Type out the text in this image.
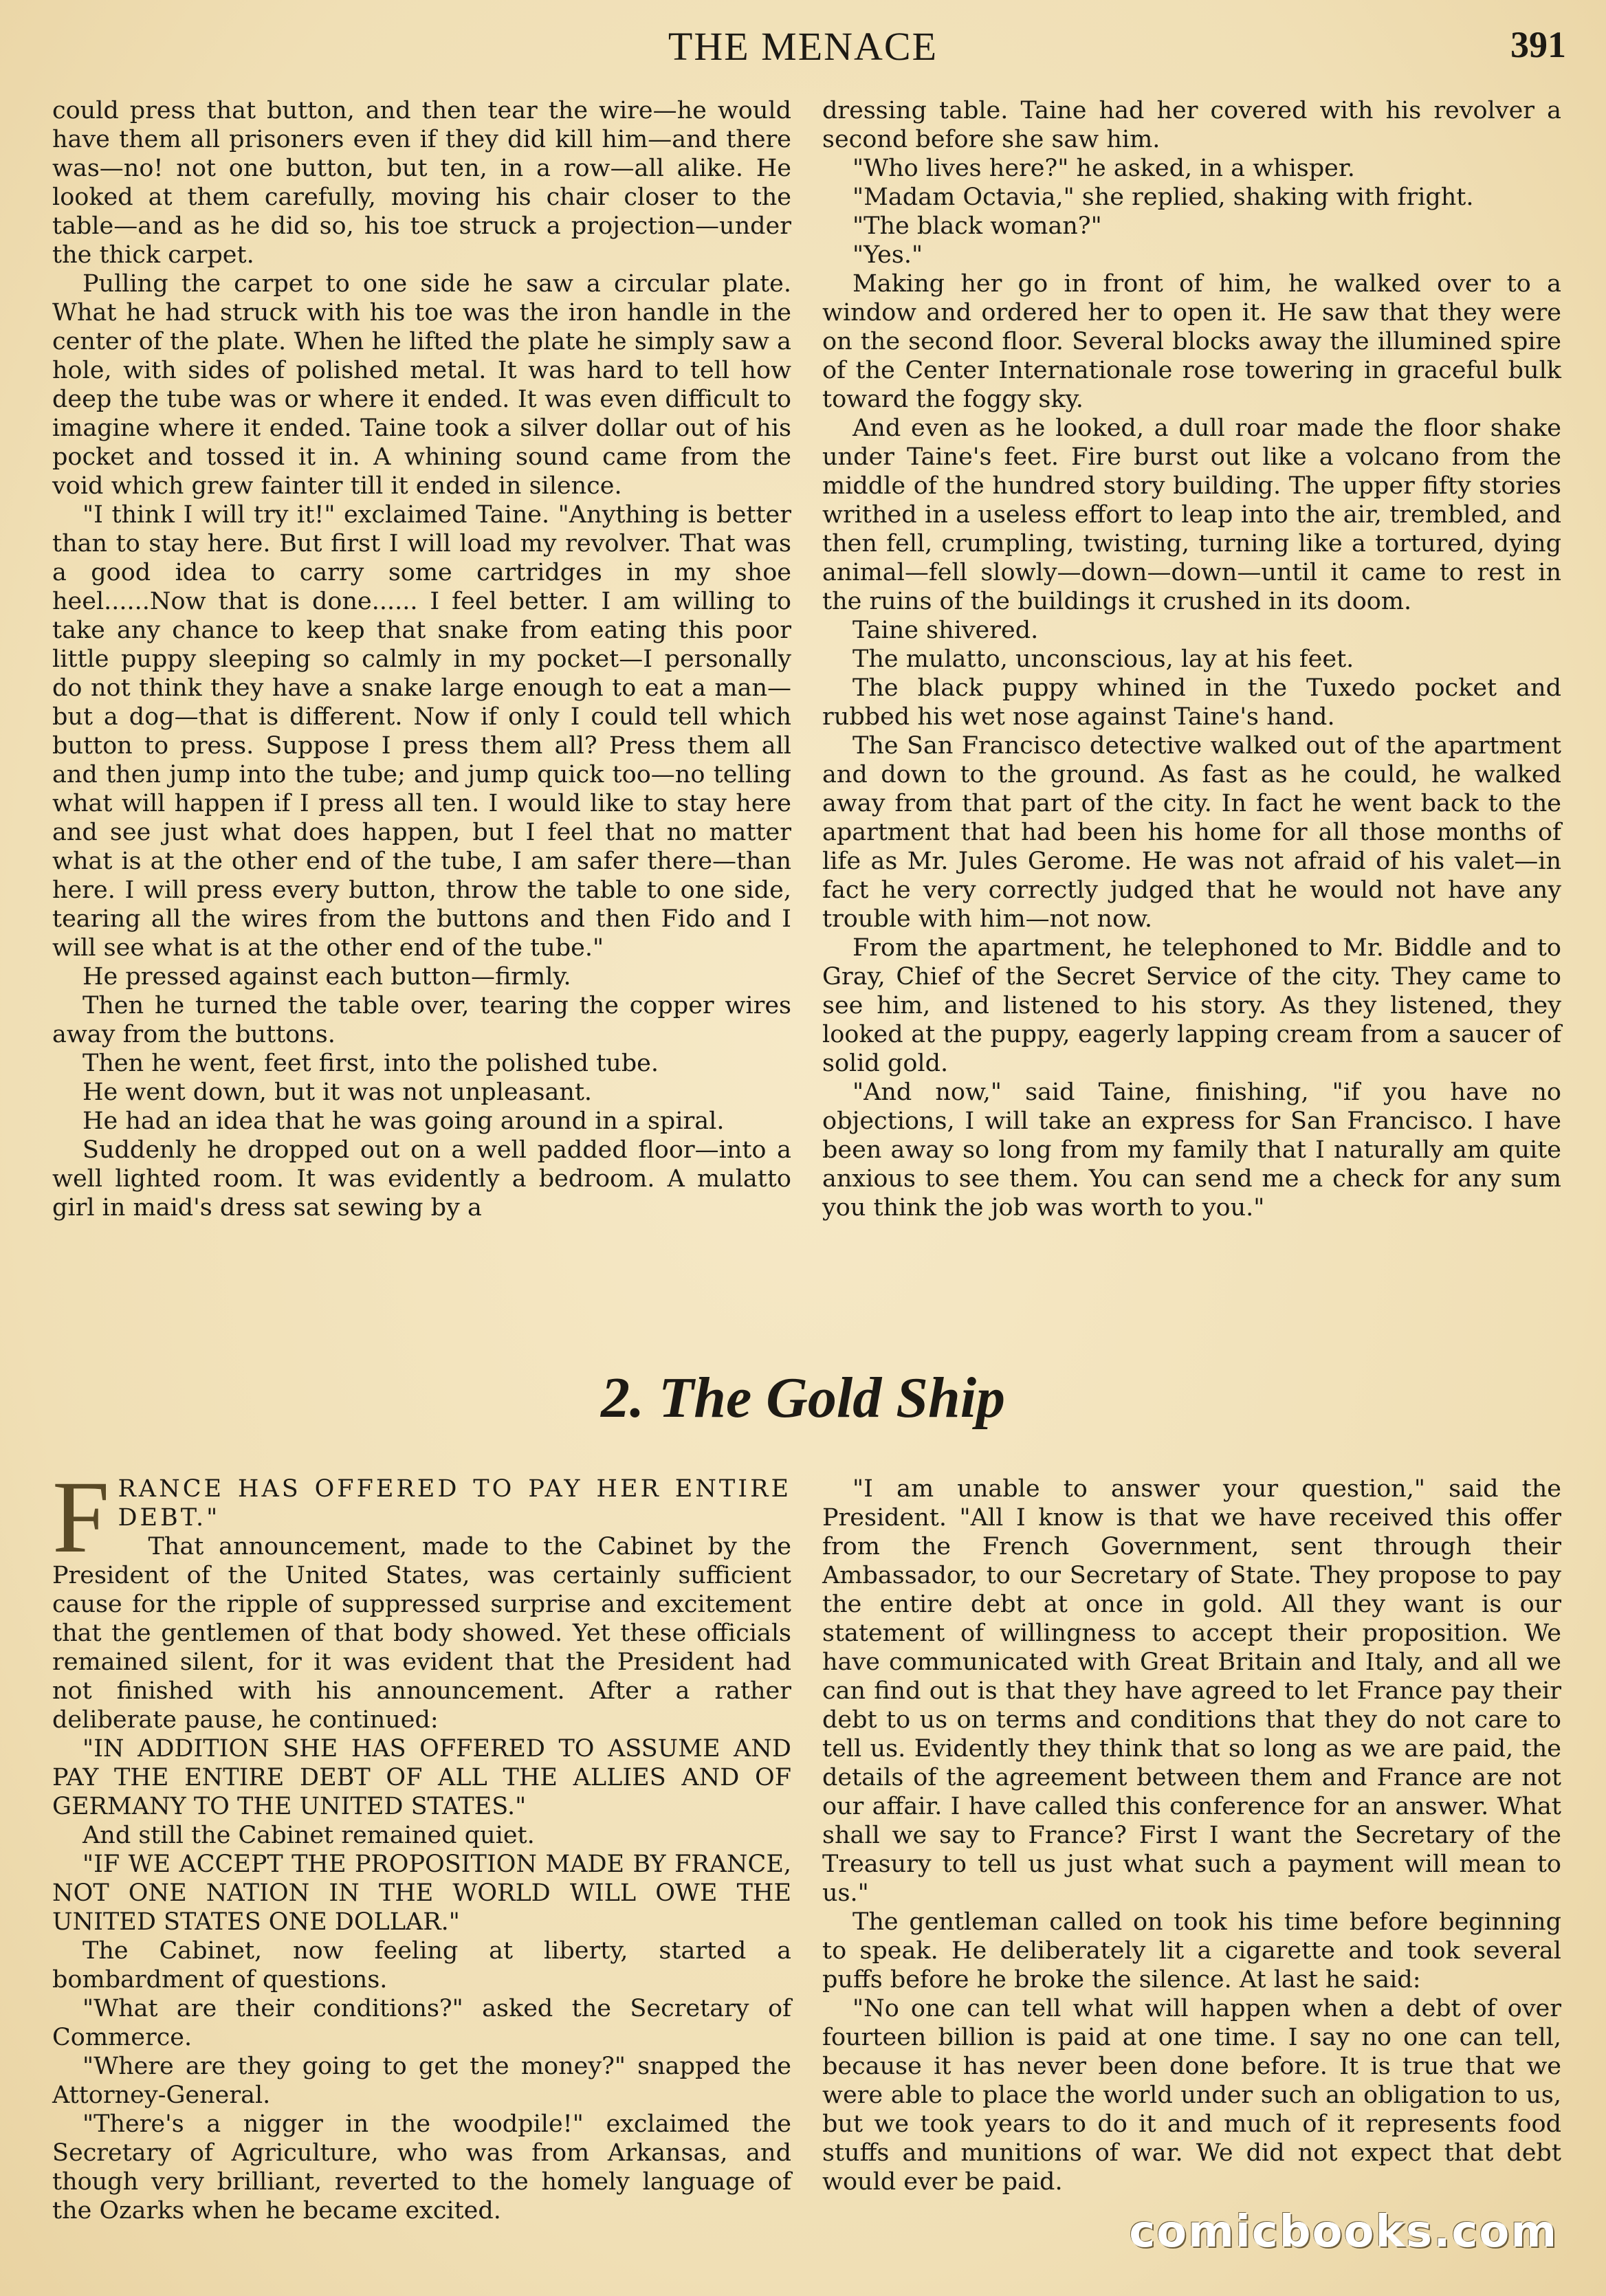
THE MENACE	391

could press that button, and then tear the wire—he would have them all prisoners even if they did kill him—and there was—no! not one button, but ten, in a row—all alike. He looked at them carefully, moving his chair closer to the table—and as he did so, his toe struck a projection—under the thick carpet.

Pulling the carpet to one side he saw a circular plate. What he had struck with his toe was the iron handle in the center of the plate. When he lifted the plate he simply saw a hole, with sides of polished metal. It was hard to tell how deep the tube was or where it ended. It was even difficult to imagine where it ended. Taine took a silver dollar out of his pocket and tossed it in. A whining sound came from the void which grew fainter till it ended in silence.

"I think I will try it!" exclaimed Taine. "Anything is better than to stay here. But first I will load my revolver. That was a good idea to carry some cartridges in my shoe heel......Now that is done...... I feel better. I am willing to take any chance to keep that snake from eating this poor little puppy sleeping so calmly in my pocket—I personally do not think they have a snake large enough to eat a man—but a dog—that is different. Now if only I could tell which button to press. Suppose I press them all? Press them all and then jump into the tube; and jump quick too—no telling what will happen if I press all ten. I would like to stay here and see just what does happen, but I feel that no matter what is at the other end of the tube, I am safer there—than here. I will press every button, throw the table to one side, tearing all the wires from the buttons and then Fido and I will see what is at the other end of the tube."

He pressed against each button—firmly.

Then he turned the table over, tearing the copper wires away from the buttons.

Then he went, feet first, into the polished tube.

He went down, but it was not unpleasant.

He had an idea that he was going around in a spiral.

Suddenly he dropped out on a well padded floor—into a well lighted room. It was evidently a bedroom. A mulatto girl in maid's dress sat sewing by a

dressing table. Taine had her covered with his revolver a second before she saw him.

"Who lives here?" he asked, in a whisper.

"Madam Octavia," she replied, shaking with fright.

"The black woman?"

"Yes."

Making her go in front of him, he walked over to a window and ordered her to open it. He saw that they were on the second floor. Several blocks away the illumined spire of the Center Internationale rose towering in graceful bulk toward the foggy sky.

And even as he looked, a dull roar made the floor shake under Taine's feet. Fire burst out like a volcano from the middle of the hundred story building. The upper fifty stories writhed in a useless effort to leap into the air, trembled, and then fell, crumpling, twisting, turning like a tortured, dying animal—fell slowly—down—down—until it came to rest in the ruins of the buildings it crushed in its doom.

Taine shivered.

The mulatto, unconscious, lay at his feet.

The black puppy whined in the Tuxedo pocket and rubbed his wet nose against Taine's hand.

The San Francisco detective walked out of the apartment and down to the ground. As fast as he could, he walked away from that part of the city. In fact he went back to the apartment that had been his home for all those months of life as Mr. Jules Gerome. He was not afraid of his valet—in fact he very correctly judged that he would not have any trouble with him—not now.

From the apartment, he telephoned to Mr. Biddle and to Gray, Chief of the Secret Service of the city. They came to see him, and listened to his story. As they listened, they looked at the puppy, eagerly lapping cream from a saucer of solid gold.

"And now," said Taine, finishing, "if you have no objections, I will take an express for San Francisco. I have been away so long from my family that I naturally am quite anxious to see them. You can send me a check for any sum you think the job was worth to you."

2. The Gold Ship

FRANCE HAS OFFERED TO PAY HER ENTIRE DEBT."

That announcement, made to the Cabinet by the President of the United States, was certainly sufficient cause for the ripple of suppressed surprise and excitement that the gentlemen of that body showed. Yet these officials remained silent, for it was evident that the President had not finished with his announcement. After a rather deliberate pause, he continued:

"IN ADDITION SHE HAS OFFERED TO ASSUME AND PAY THE ENTIRE DEBT OF ALL THE ALLIES AND OF GERMANY TO THE UNITED STATES."

And still the Cabinet remained quiet.

"IF WE ACCEPT THE PROPOSITION MADE BY FRANCE, NOT ONE NATION IN THE WORLD WILL OWE THE UNITED STATES ONE DOLLAR."

The Cabinet, now feeling at liberty, started a bombardment of questions.

"What are their conditions?" asked the Secretary of Commerce.

"Where are they going to get the money?" snapped the Attorney-General.

"There's a nigger in the woodpile!" exclaimed the Secretary of Agriculture, who was from Arkansas, and though very brilliant, reverted to the homely language of the Ozarks when he became excited.

"I am unable to answer your question," said the President. "All I know is that we have received this offer from the French Government, sent through their Ambassador, to our Secretary of State. They propose to pay the entire debt at once in gold. All they want is our statement of willingness to accept their proposition. We have communicated with Great Britain and Italy, and all we can find out is that they have agreed to let France pay their debt to us on terms and conditions that they do not care to tell us. Evidently they think that so long as we are paid, the details of the agreement between them and France are not our affair. I have called this conference for an answer. What shall we say to France? First I want the Secretary of the Treasury to tell us just what such a payment will mean to us."

The gentleman called on took his time before beginning to speak. He deliberately lit a cigarette and took several puffs before he broke the silence. At last he said:

"No one can tell what will happen when a debt of over fourteen billion is paid at one time. I say no one can tell, because it has never been done before. It is true that we were able to place the world under such an obligation to us, but we took years to do it and much of it represents food stuffs and munitions of war. We did not expect that debt would ever be paid.

comicbooks.com
